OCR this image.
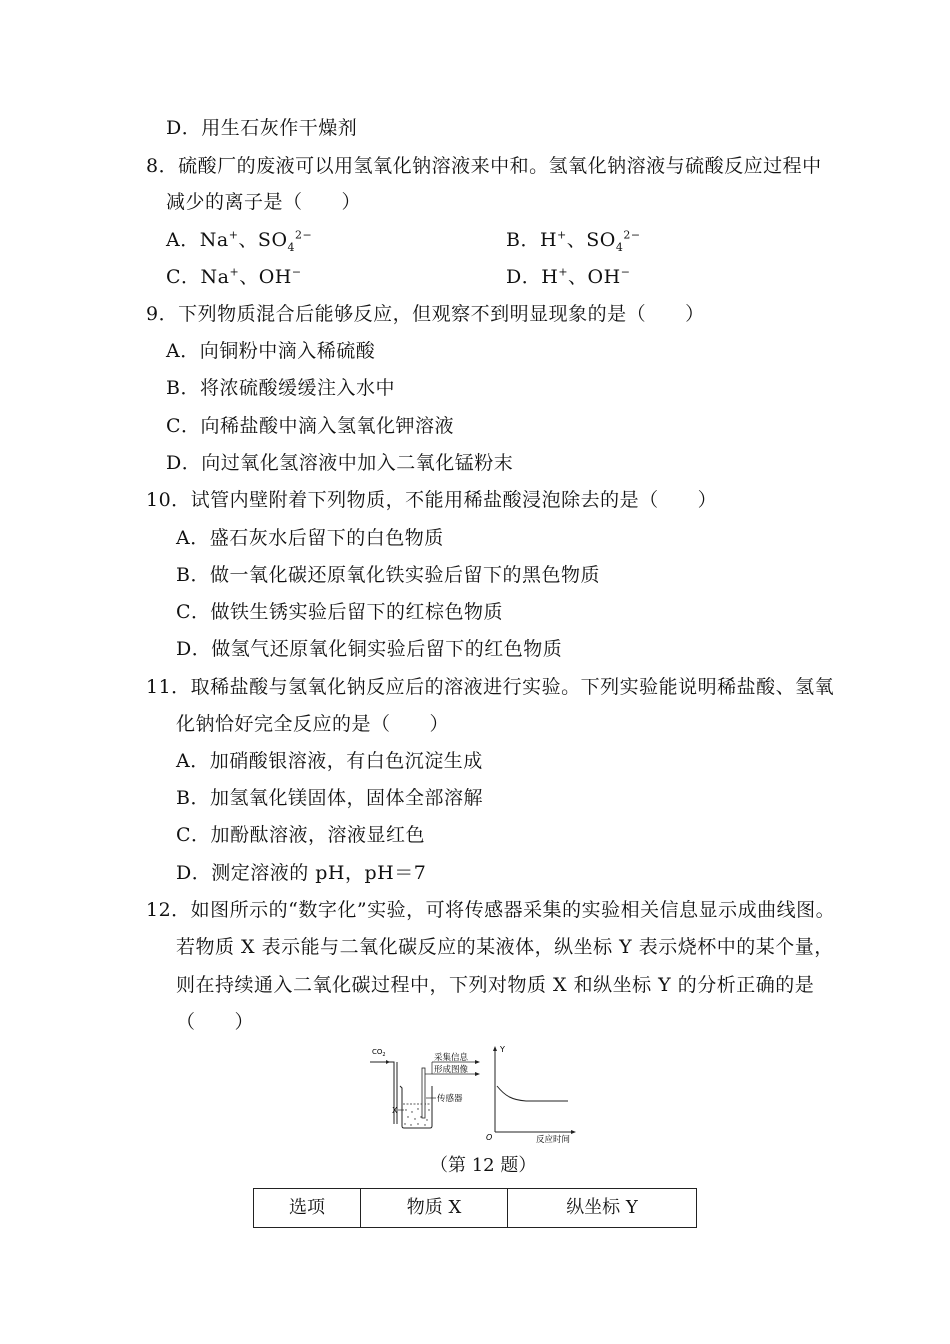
D．用生石灰作干燥剂
8．硫酸厂的废液可以用氢氧化钠溶液来中和。氢氧化钠溶液与硫酸反应过程中
减少的离子是（　　）
A．Na+、$SO_4^{2-}$	B．H+、$SO_4^{2-}$
C．Na+、OH−	D．H+、OH−
9．下列物质混合后能够反应，但观察不到明显现象的是（　　）
A．向铜粉中滴入稀硫酸
B．将浓硫酸缓缓注入水中
C．向稀盐酸中滴入氢氧化钾溶液
D．向过氧化氢溶液中加入二氧化锰粉末
10．试管内壁附着下列物质，不能用稀盐酸浸泡除去的是（　　）
A．盛石灰水后留下的白色物质
B．做一氧化碳还原氧化铁实验后留下的黑色物质
C．做铁生锈实验后留下的红棕色物质
D．做氢气还原氧化铜实验后留下的红色物质
11．取稀盐酸与氢氧化钠反应后的溶液进行实验。下列实验能说明稀盐酸、氢氧
化钠恰好完全反应的是（　　）
A．加硝酸银溶液，有白色沉淀生成
B．加氢氧化镁固体，固体全部溶解
C．加酚酞溶液，溶液显红色
D．测定溶液的 pH，pH＝7
12．如图所示的“数字化”实验，可将传感器采集的实验相关信息显示成曲线图。
若物质 X 表示能与二氧化碳反应的某液体，纵坐标 Y 表示烧杯中的某个量，
则在持续通入二氧化碳过程中，下列对物质 X 和纵坐标 Y 的分析正确的是
（　　）
$CO_2$
X
采集信息
形成图像
传感器
Y
O	反应时间
（第 12 题）
选项	物质 X	纵坐标 Y
